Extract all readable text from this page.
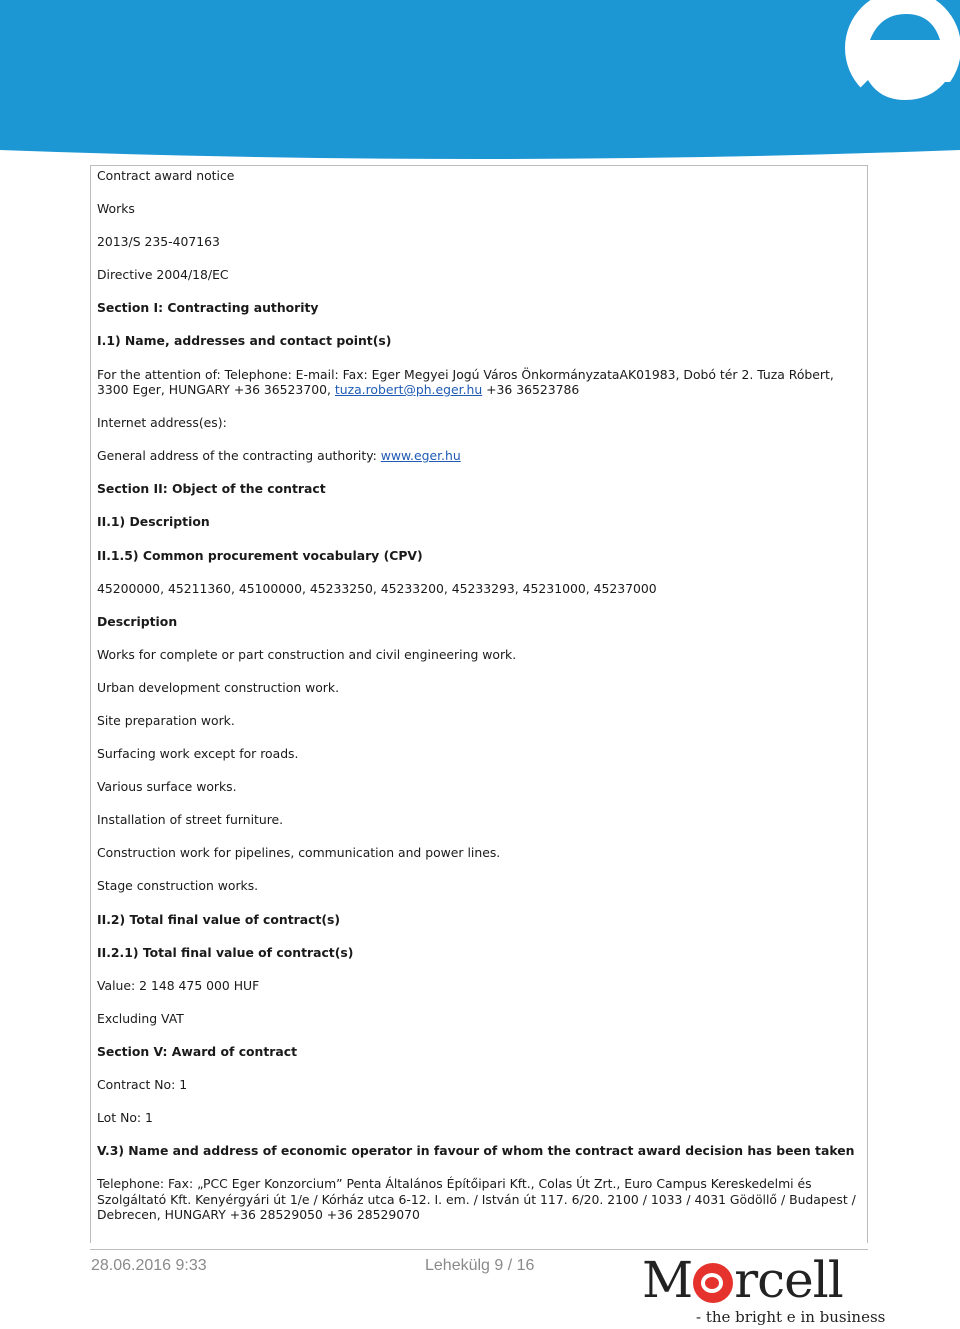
Contract award notice

Works

2013/S 235-407163

Directive 2004/18/EC

Section I: Contracting authority

I.1) Name, addresses and contact point(s)

For the attention of: Telephone: E-mail: Fax: Eger Megyei Jogú Város ÖnkormányzataAK01983, Dobó tér 2. Tuza Róbert, 3300 Eger, HUNGARY +36 36523700, tuza.robert@ph.eger.hu +36 36523786

Internet address(es):

General address of the contracting authority: www.eger.hu

Section II: Object of the contract

II.1) Description

II.1.5) Common procurement vocabulary (CPV)

45200000, 45211360, 45100000, 45233250, 45233200, 45233293, 45231000, 45237000

Description

Works for complete or part construction and civil engineering work.

Urban development construction work.

Site preparation work.

Surfacing work except for roads.

Various surface works.

Installation of street furniture.

Construction work for pipelines, communication and power lines.

Stage construction works.

II.2) Total final value of contract(s)

II.2.1) Total final value of contract(s)

Value: 2 148 475 000 HUF

Excluding VAT

Section V: Award of contract

Contract No: 1

Lot No: 1

V.3) Name and address of economic operator in favour of whom the contract award decision has been taken

Telephone: Fax: „PCC Eger Konzorcium” Penta Általános Építőipari Kft., Colas Út Zrt., Euro Campus Kereskedelmi és Szolgáltató Kft. Kenyérgyári út 1/e / Kórház utca 6-12. I. em. / István út 117. 6/20. 2100 / 1033 / 4031 Gödöllő / Budapest / Debrecen, HUNGARY +36 28529050 +36 28529070

28.06.2016 9:33	Lehekülg 9 / 16 M rcell
- the bright e in business
